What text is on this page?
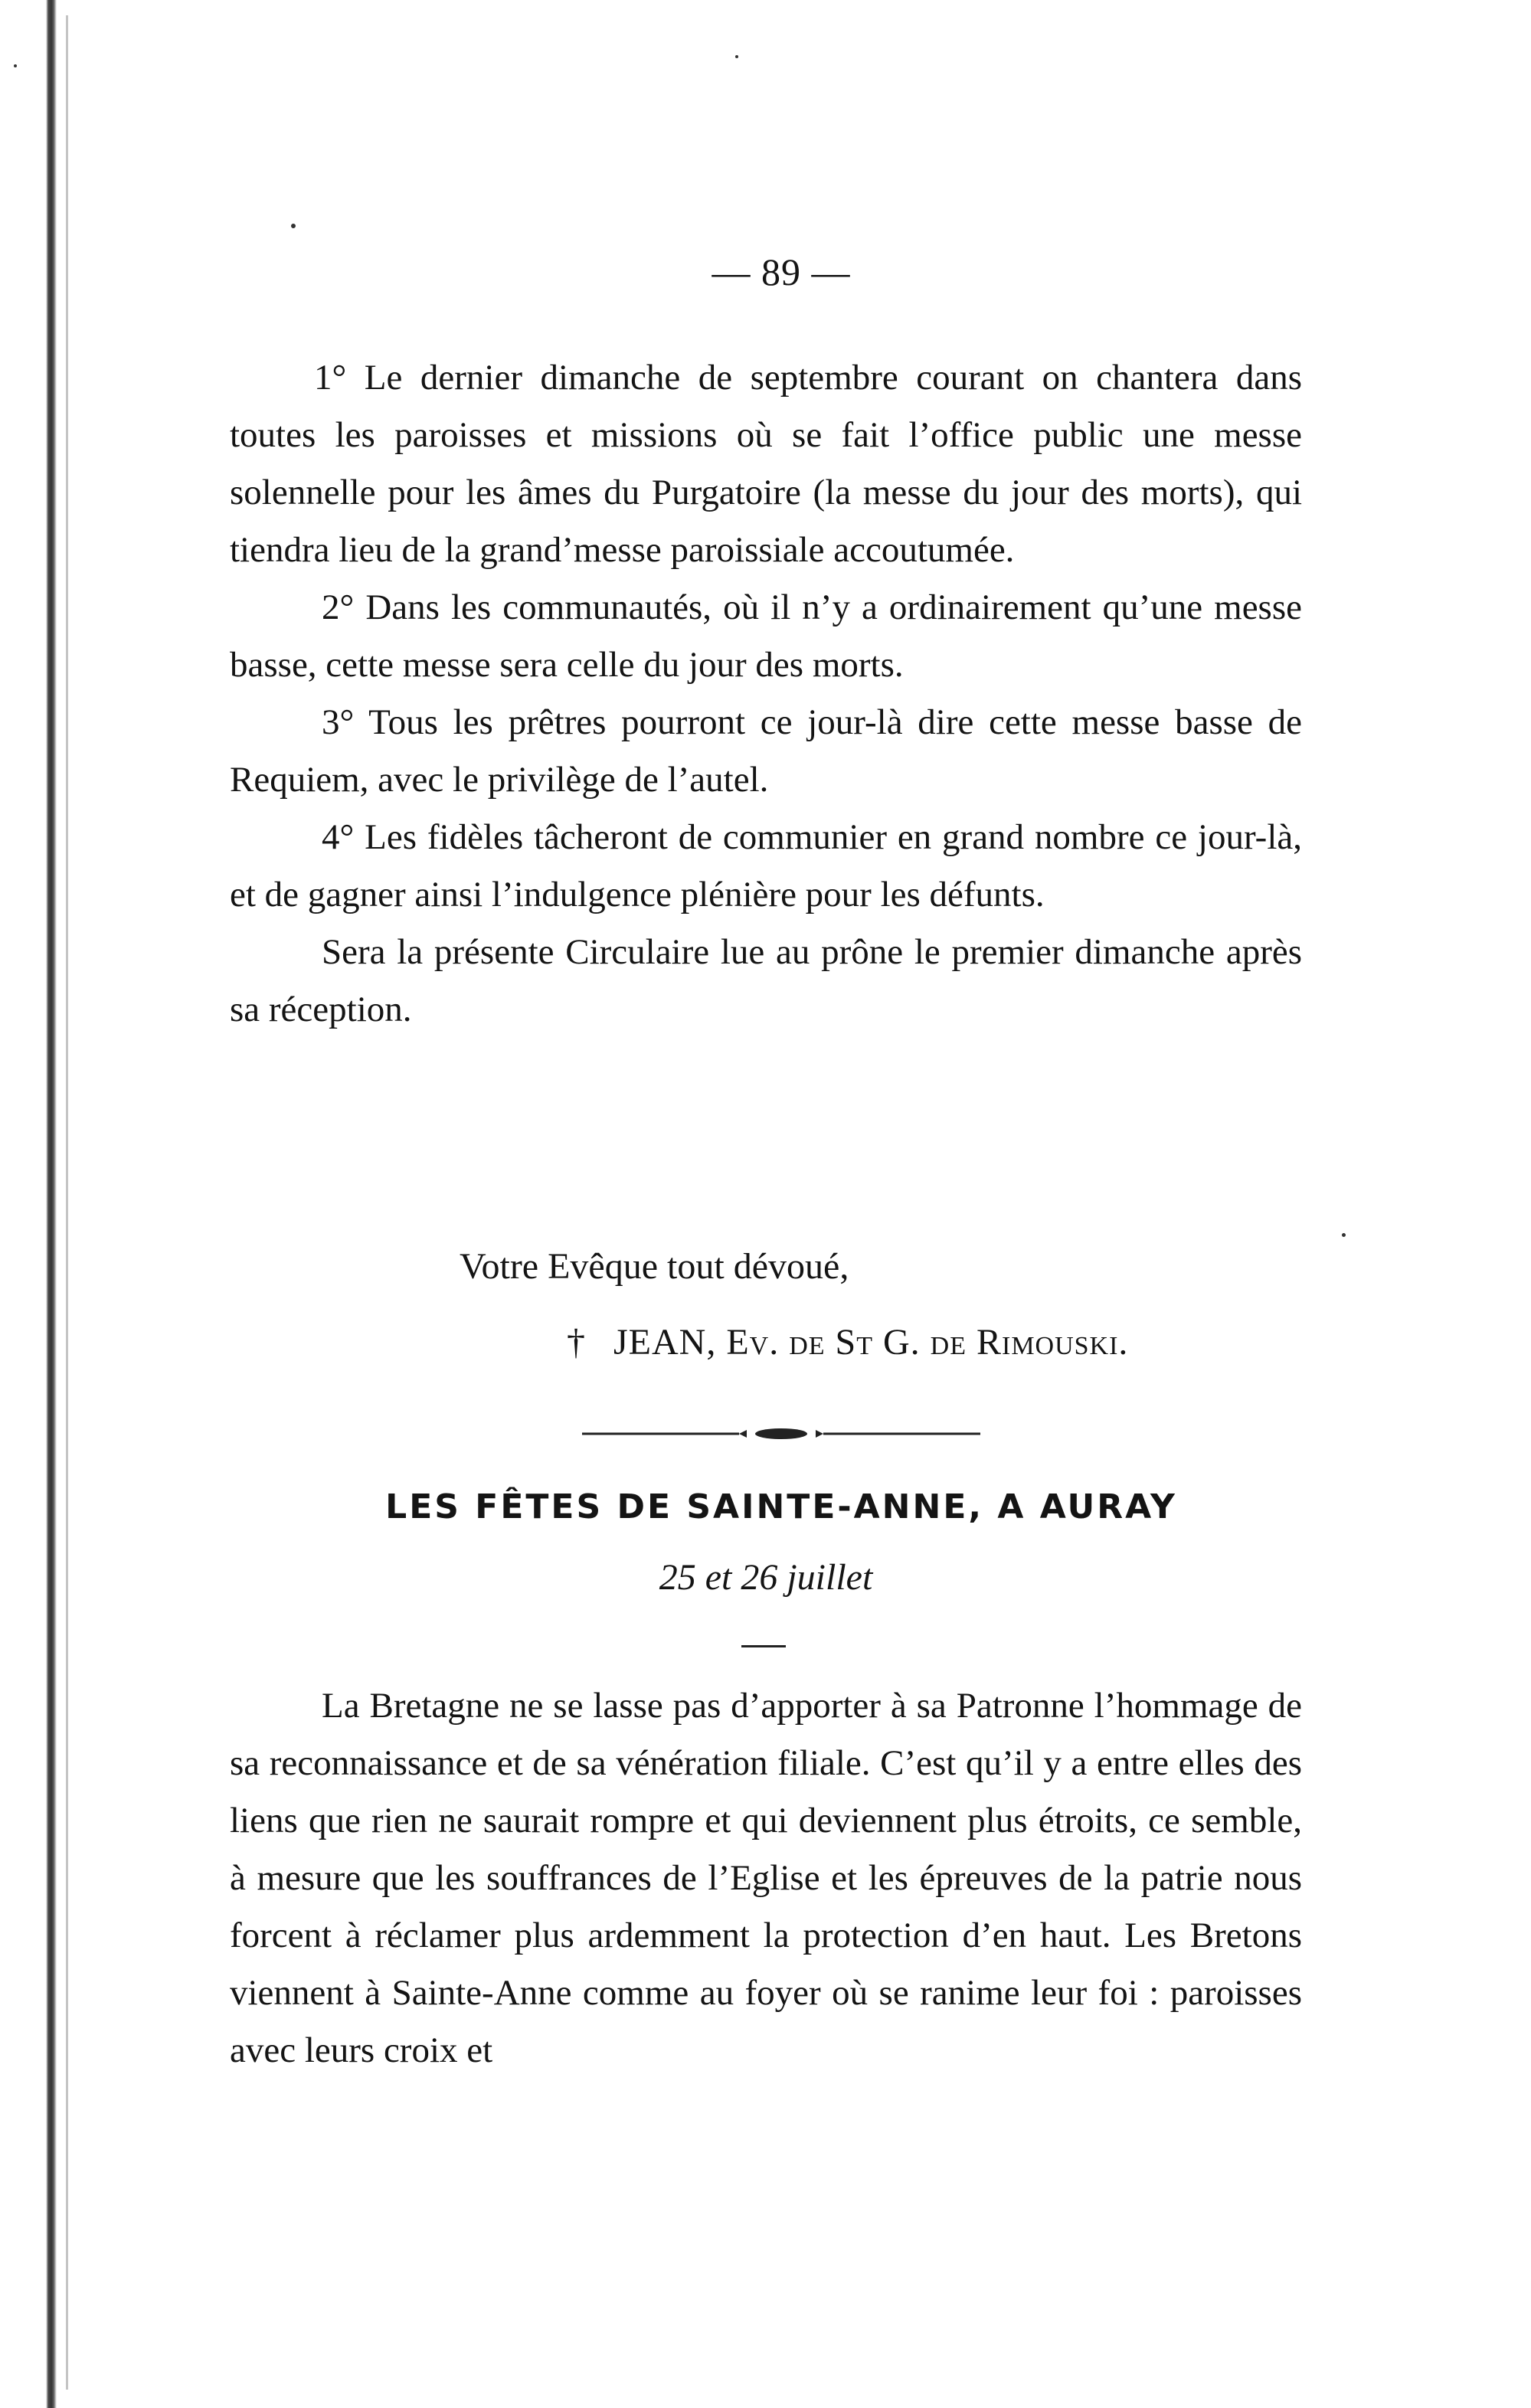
— 89 —

1° Le dernier dimanche de septembre courant on chantera dans toutes les paroisses et missions où se fait l’office public une messe solennelle pour les âmes du Purgatoire (la messe du jour des morts), qui tiendra lieu de la grand’messe paroissiale accoutumée.

2° Dans les communautés, où il n’y a ordinairement qu’une messe basse, cette messe sera celle du jour des morts.

3° Tous les prêtres pourront ce jour-là dire cette messe basse de Requiem, avec le privilège de l’autel.

4° Les fidèles tâcheront de communier en grand nombre ce jour-là, et de gagner ainsi l’indulgence plénière pour les défunts.

Sera la présente Circulaire lue au prône le premier dimanche après sa réception.

Votre Evêque tout dévoué,
† JEAN, Ev. de St G. de Rimouski.
LES FÊTES DE SAINTE-ANNE, A AURAY
25 et 26 juillet

La Bretagne ne se lasse pas d’apporter à sa Patronne l’hommage de sa reconnaissance et de sa vénération filiale. C’est qu’il y a entre elles des liens que rien ne saurait rompre et qui deviennent plus étroits, ce semble, à mesure que les souffrances de l’Eglise et les épreuves de la patrie nous forcent à réclamer plus ardemment la protection d’en haut. Les Bretons viennent à Sainte-Anne comme au foyer où se ranime leur foi : paroisses avec leurs croix et
